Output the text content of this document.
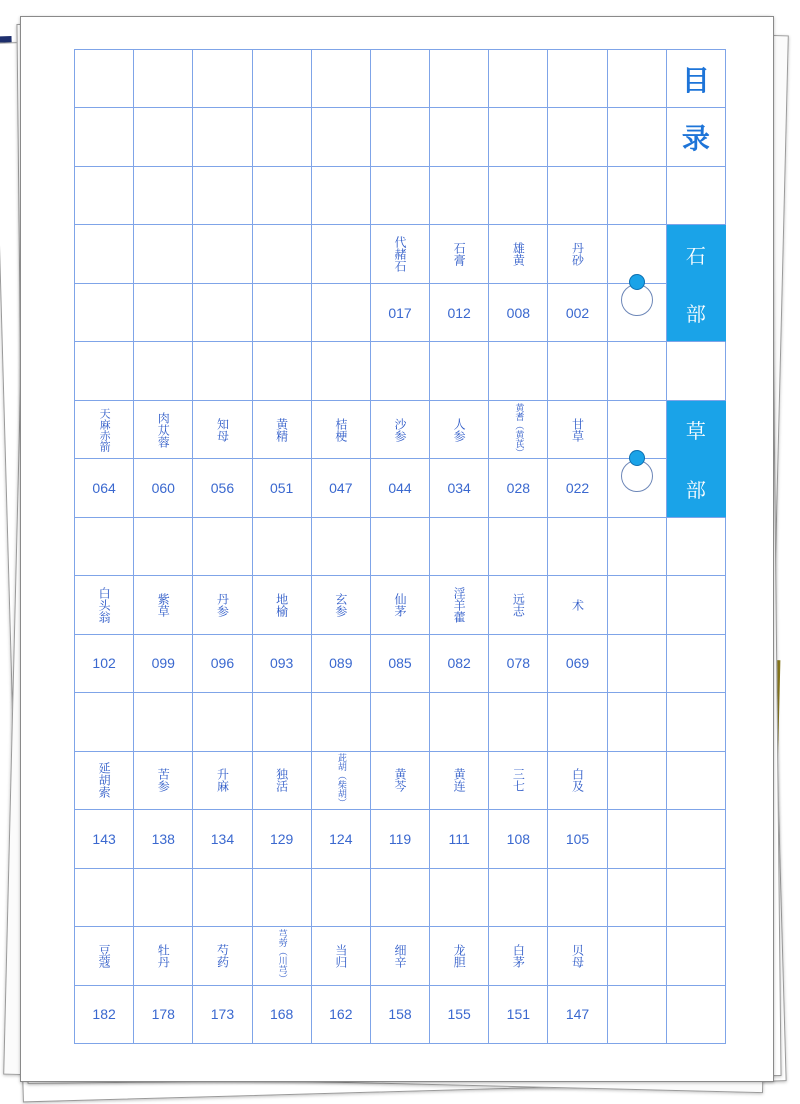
目
录
代赭石	石膏	雄黄	丹砂	石
017	012	008	002	部
天麻赤箭	肉苁蓉	知母	黄精	桔梗	沙参	人参	黄耆（黄芪）	甘草	草
064	060	056	051	047	044	034	028	022	部
白头翁	紫草	丹参	地榆	玄参	仙茅	淫羊藿	远志	术
102	099	096	093	089	085	082	078	069
延胡索	苦参	升麻	独活	茈胡（柴胡）	黄芩	黄连	三七	白及
143	138	134	129	124	119	111	108	105
豆蔻	牡丹	芍药	芎䓖（川芎）	当归	细辛	龙胆	白茅	贝母
182	178	173	168	162	158	155	151	147
